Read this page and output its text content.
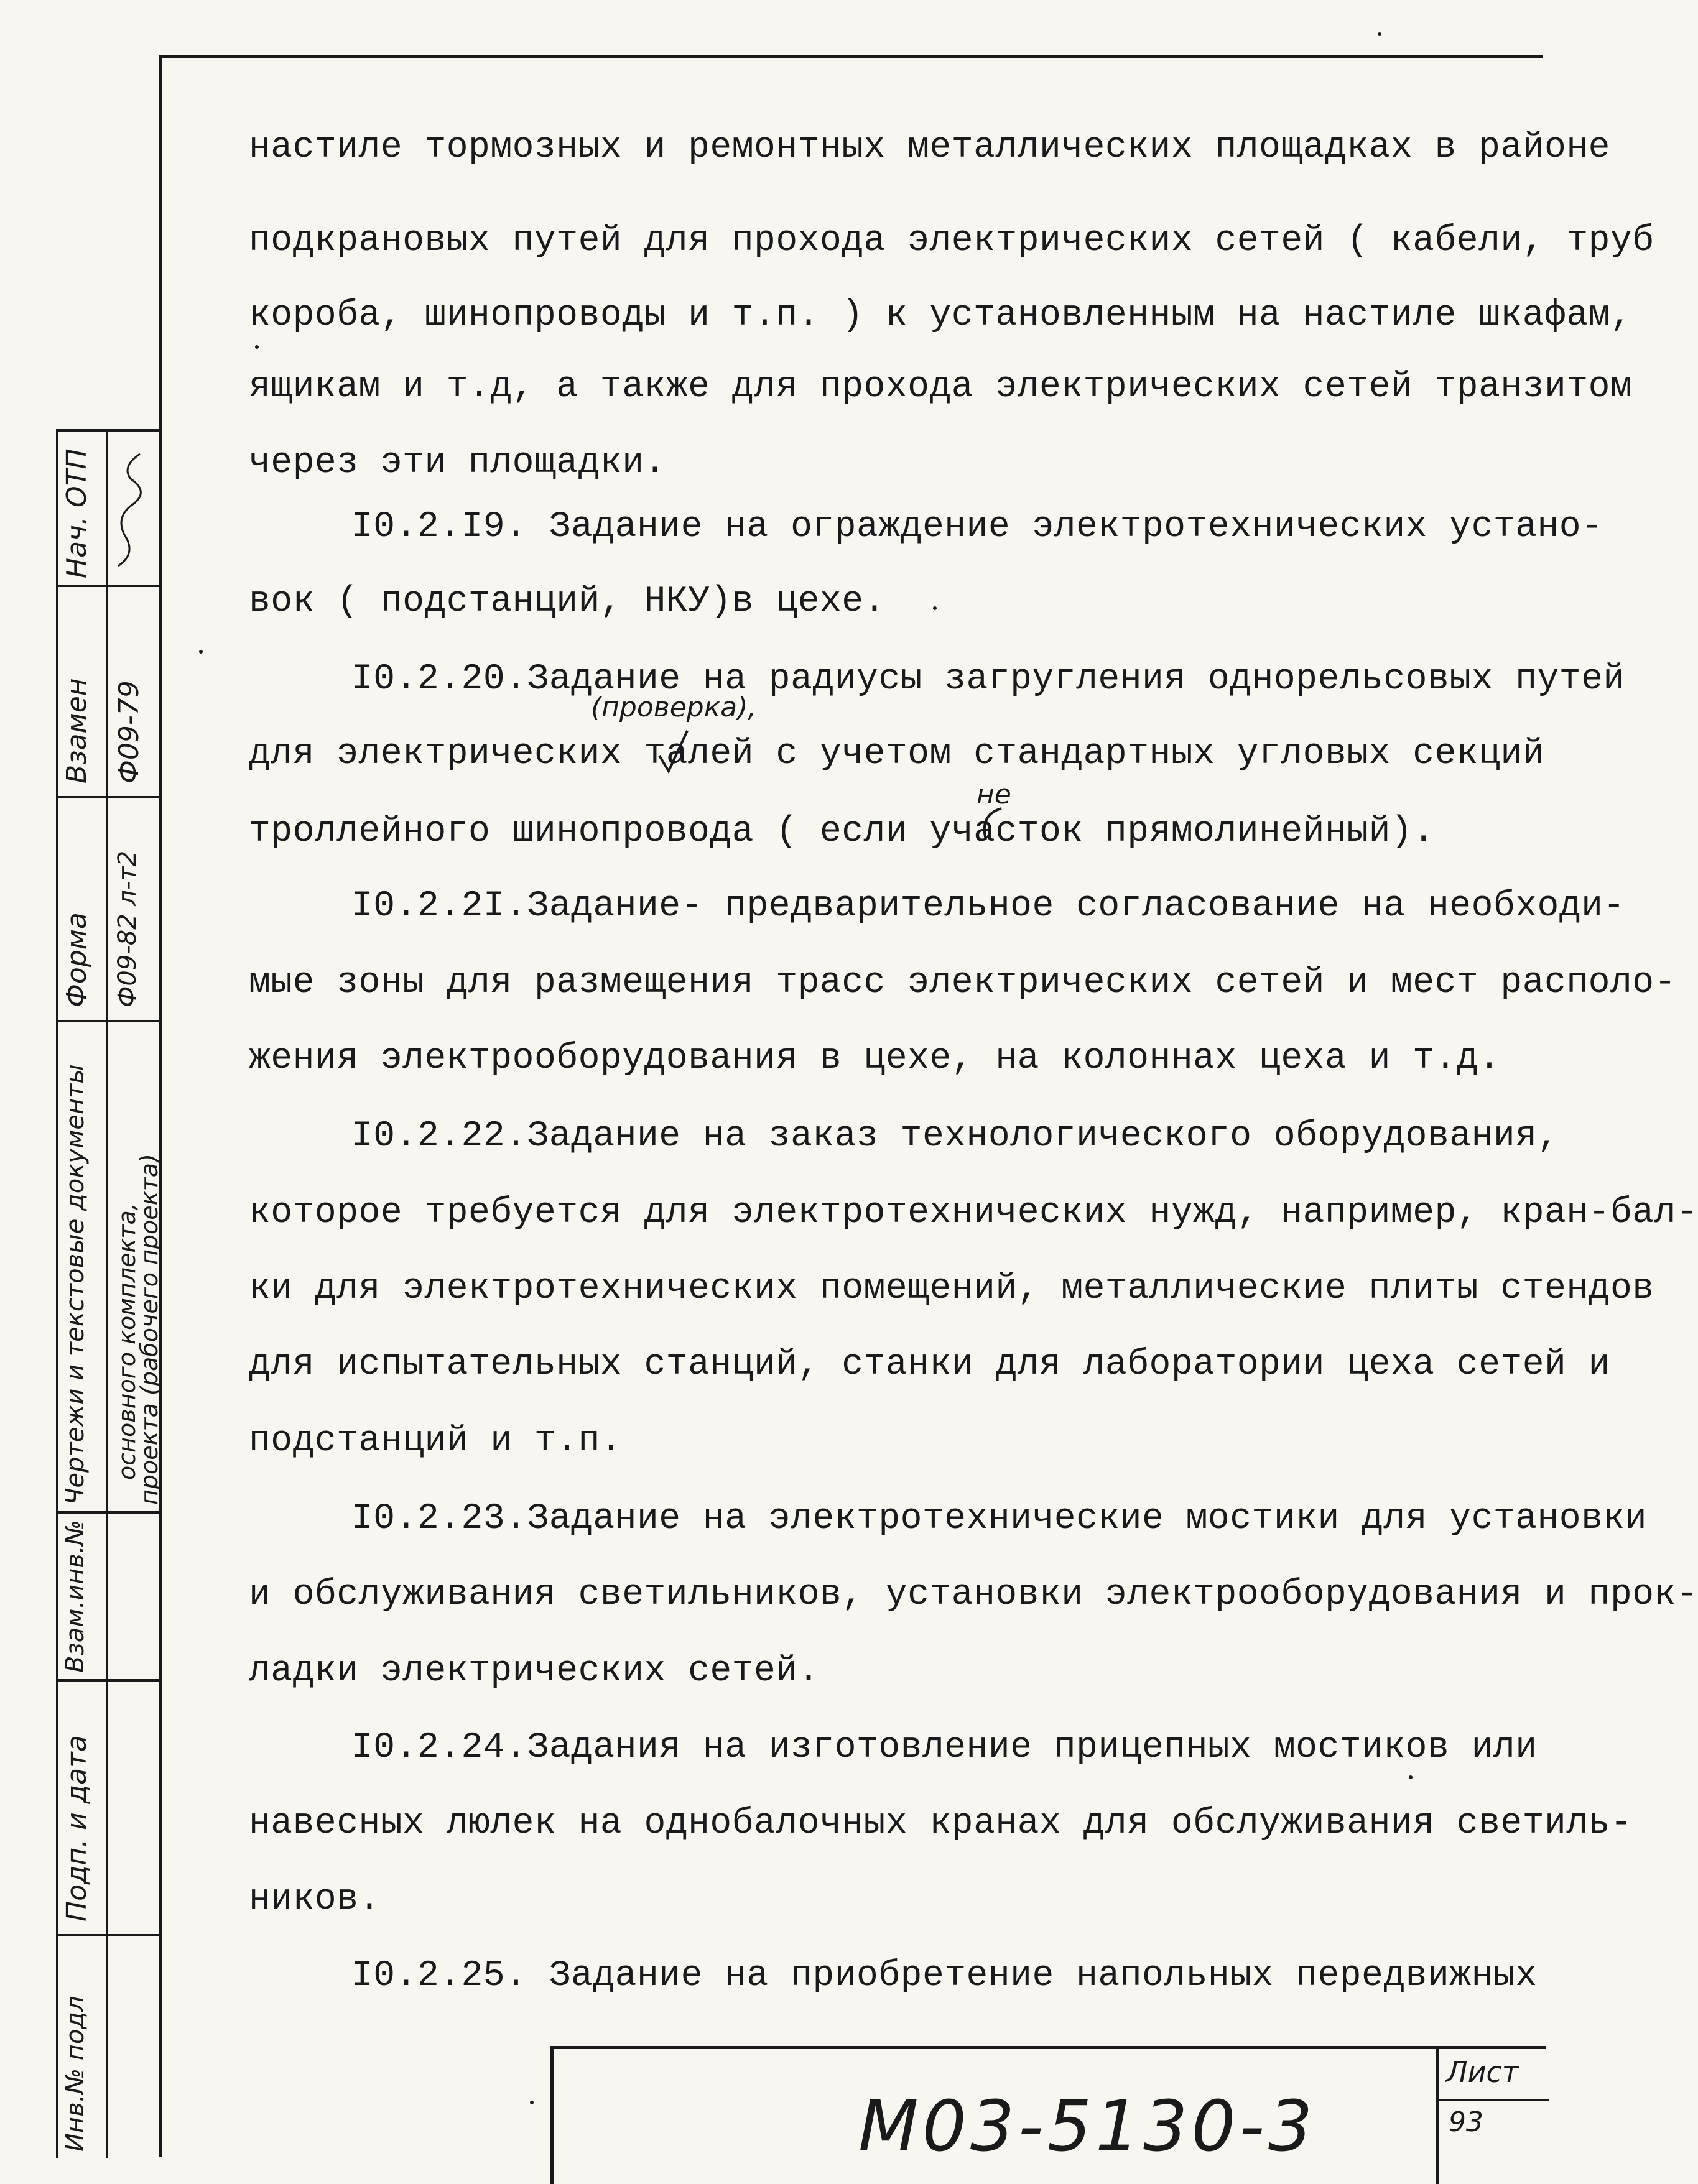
настиле тормозных и ремонтных металлических площадках в районе
подкрановых путей для прохода электрических сетей ( кабели, труб
короба, шинопроводы и т.п. ) к установленным на настиле шкафам,
ящикам и т.д, а также для прохода электрических сетей транзитом
через эти площадки.
I0.2.I9. Задание на ограждение электротехнических устано-
вок ( подстанций, НКУ)в цехе.
I0.2.20.Задание на радиусы загругления однорельсовых путей
для электрических талей с учетом стандартных угловых секций
троллейного шинопровода ( если участок прямолинейный).
I0.2.2I.Задание- предварительное согласование на необходи-
мые зоны для размещения трасс электрических сетей и мест располо-
жения электрооборудования в цехе, на колоннах цеха и т.д.
I0.2.22.Задание на заказ технологического оборудования,
которое требуется для электротехнических нужд, например, кран-бал-
ки для электротехнических помещений, металлические плиты стендов
для испытательных станций, станки для лаборатории цеха сетей и
подстанций и т.п.
I0.2.23.Задание на электротехнические мостики для установки
и обслуживания светильников, установки электрооборудования и прок-
ладки электрических сетей.
I0.2.24.Задания на изготовление прицепных мостиков или
навесных люлек на однобалочных кранах для обслуживания светиль-
ников.
I0.2.25. Задание на приобретение напольных передвижных
(проверка),
не
Нач. ОТП
Взамен
Форма
Чертежи и текстовые документы
Взам.инв.№
Подп. и дата
Инв.№ подл
Ф09-79
Ф09-82 л-т2
основного комплекта,
проекта (рабочего проекта)
М03-5130-3
Лист
93
